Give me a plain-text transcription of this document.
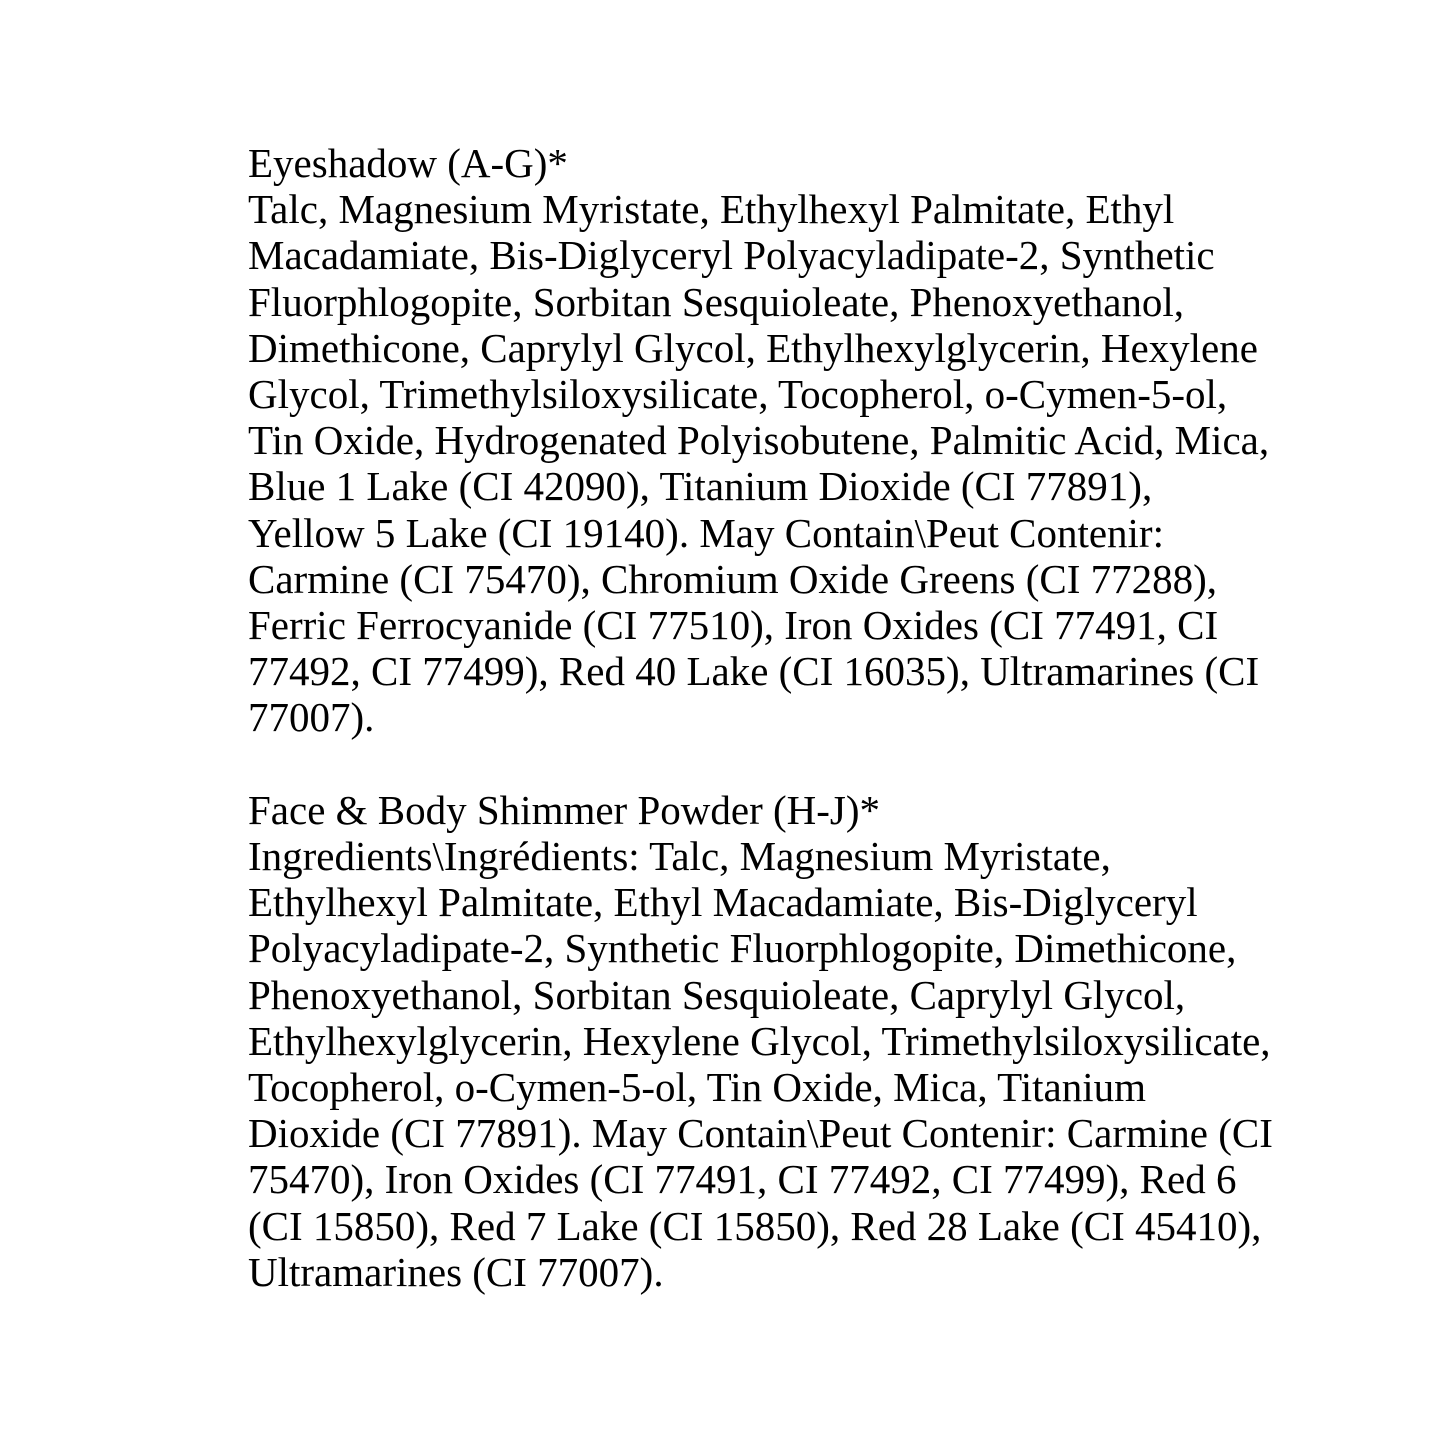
Eyeshadow (A-G)*
Talc, Magnesium Myristate, Ethylhexyl Palmitate, Ethyl
Macadamiate, Bis-Diglyceryl Polyacyladipate-2, Synthetic
Fluorphlogopite, Sorbitan Sesquioleate, Phenoxyethanol,
Dimethicone, Caprylyl Glycol, Ethylhexylglycerin, Hexylene
Glycol, Trimethylsiloxysilicate, Tocopherol, o-Cymen-5-ol,
Tin Oxide, Hydrogenated Polyisobutene, Palmitic Acid, Mica,
Blue 1 Lake (CI 42090), Titanium Dioxide (CI 77891),
Yellow 5 Lake (CI 19140). May Contain\Peut Contenir:
Carmine (CI 75470), Chromium Oxide Greens (CI 77288),
Ferric Ferrocyanide (CI 77510), Iron Oxides (CI 77491, CI
77492, CI 77499), Red 40 Lake (CI 16035), Ultramarines (CI
77007).
Face & Body Shimmer Powder (H-J)*
Ingredients\Ingrédients: Talc, Magnesium Myristate,
Ethylhexyl Palmitate, Ethyl Macadamiate, Bis-Diglyceryl
Polyacyladipate-2, Synthetic Fluorphlogopite, Dimethicone,
Phenoxyethanol, Sorbitan Sesquioleate, Caprylyl Glycol,
Ethylhexylglycerin, Hexylene Glycol, Trimethylsiloxysilicate,
Tocopherol, o-Cymen-5-ol, Tin Oxide, Mica, Titanium
Dioxide (CI 77891). May Contain\Peut Contenir: Carmine (CI
75470), Iron Oxides (CI 77491, CI 77492, CI 77499), Red 6
(CI 15850), Red 7 Lake (CI 15850), Red 28 Lake (CI 45410),
Ultramarines (CI 77007).
